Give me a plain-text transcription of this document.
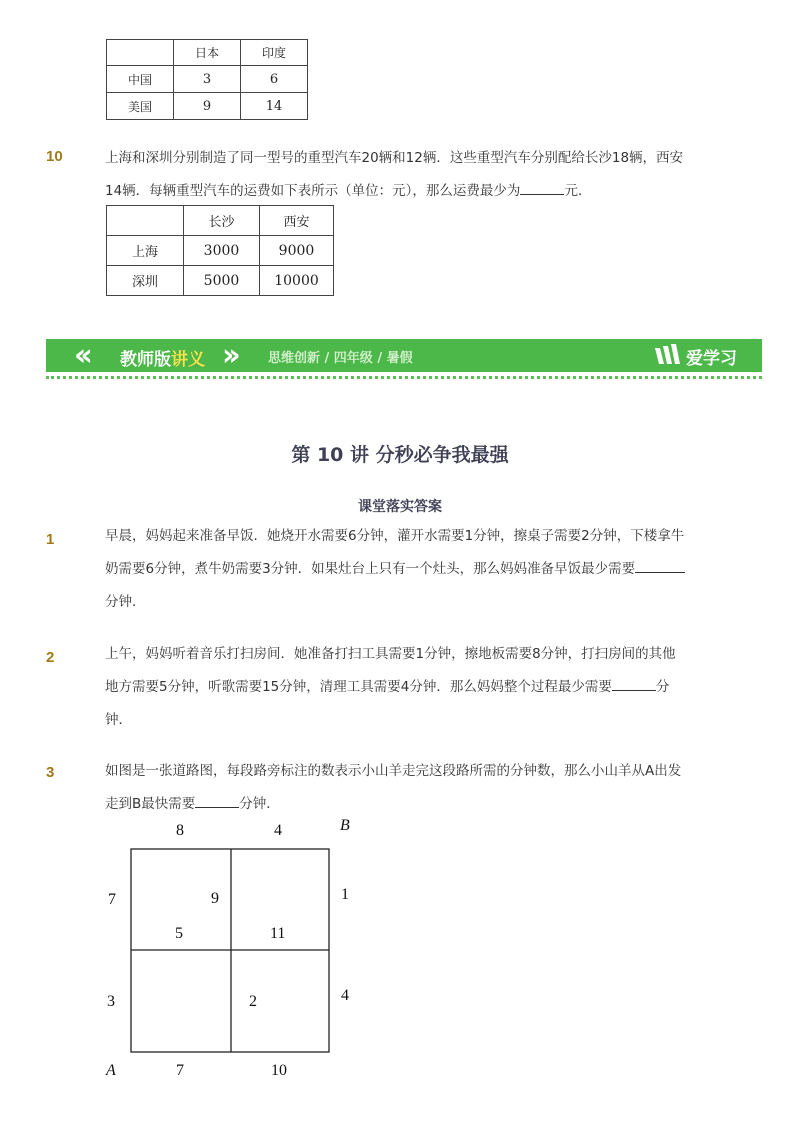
	日本	印度
中国	3	6
美国	9	14
10	上海和深圳分别制造了同一型号的重型汽车20辆和12辆．这些重型汽车分别配给长沙18辆，西安
14辆．每辆重型汽车的运费如下表所示（单位：元），那么运费最少为	元．
	长沙	西安
上海	3000	9000
深圳	5000	10000
‹‹ 教师版讲义 ››	思维创新 / 四年级 / 暑假	爱学习
第 10 讲 分秒必争我最强
课堂落实答案
1	早晨，妈妈起来准备早饭．她烧开水需要6分钟，灌开水需要1分钟，擦桌子需要2分钟，下楼拿牛
奶需要6分钟，煮牛奶需要3分钟．如果灶台上只有一个灶头，那么妈妈准备早饭最少需要
分钟．
2	上午，妈妈听着音乐打扫房间．她准备打扫工具需要1分钟，擦地板需要8分钟，打扫房间的其他
地方需要5分钟，听歌需要15分钟，清理工具需要4分钟．那么妈妈整个过程最少需要	分
钟．
3	如图是一张道路图，每段路旁标注的数表示小山羊走完这段路所需的分钟数，那么小山羊从A出发
走到B最快需要	分钟．
8	4	B
7	1
9
5	11
3	2	4
A	7	10
